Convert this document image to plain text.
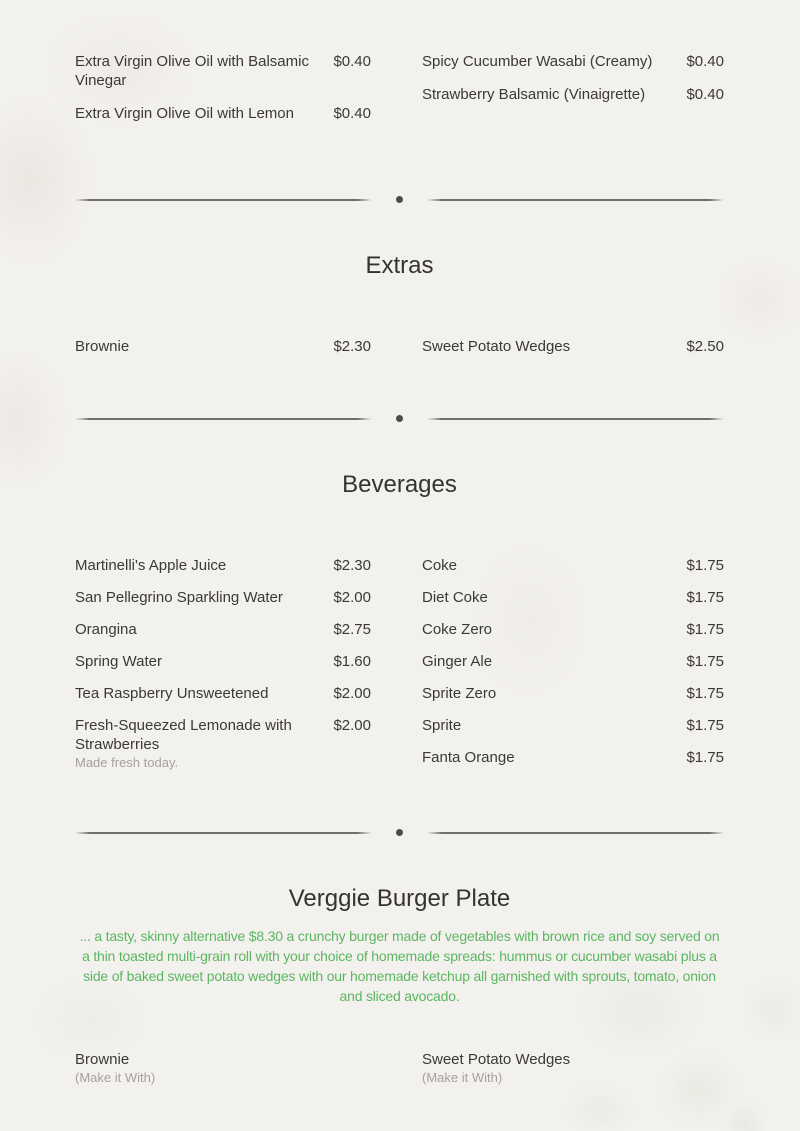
Extra Virgin Olive Oil with Balsamic Vinegar
$0.40
Extra Virgin Olive Oil with Lemon	$0.40
Spicy Cucumber Wasabi (Creamy)	$0.40
Strawberry Balsamic (Vinaigrette)	$0.40
Extras
Brownie	$2.30	Sweet Potato Wedges	$2.50
Beverages
Martinelli's Apple Juice	$2.30
San Pellegrino Sparkling Water	$2.00
Orangina	$2.75
Spring Water	$1.60
Tea Raspberry Unsweetened	$2.00
Fresh-Squeezed Lemonade with Strawberries
Made fresh today.
$2.00
Coke	$1.75
Diet Coke	$1.75
Coke Zero	$1.75
Ginger Ale	$1.75
Sprite Zero	$1.75
Sprite	$1.75
Fanta Orange	$1.75
Verggie Burger Plate

... a tasty, skinny alternative $8.30 a crunchy burger made of vegetables with brown rice and soy served on a thin toasted multi-grain roll with your choice of homemade spreads: hummus or cucumber wasabi plus a side of baked sweet potato wedges with our homemade ketchup all garnished with sprouts, tomato, onion and sliced avocado.

Brownie
(Make it With)
Sweet Potato Wedges
(Make it With)
